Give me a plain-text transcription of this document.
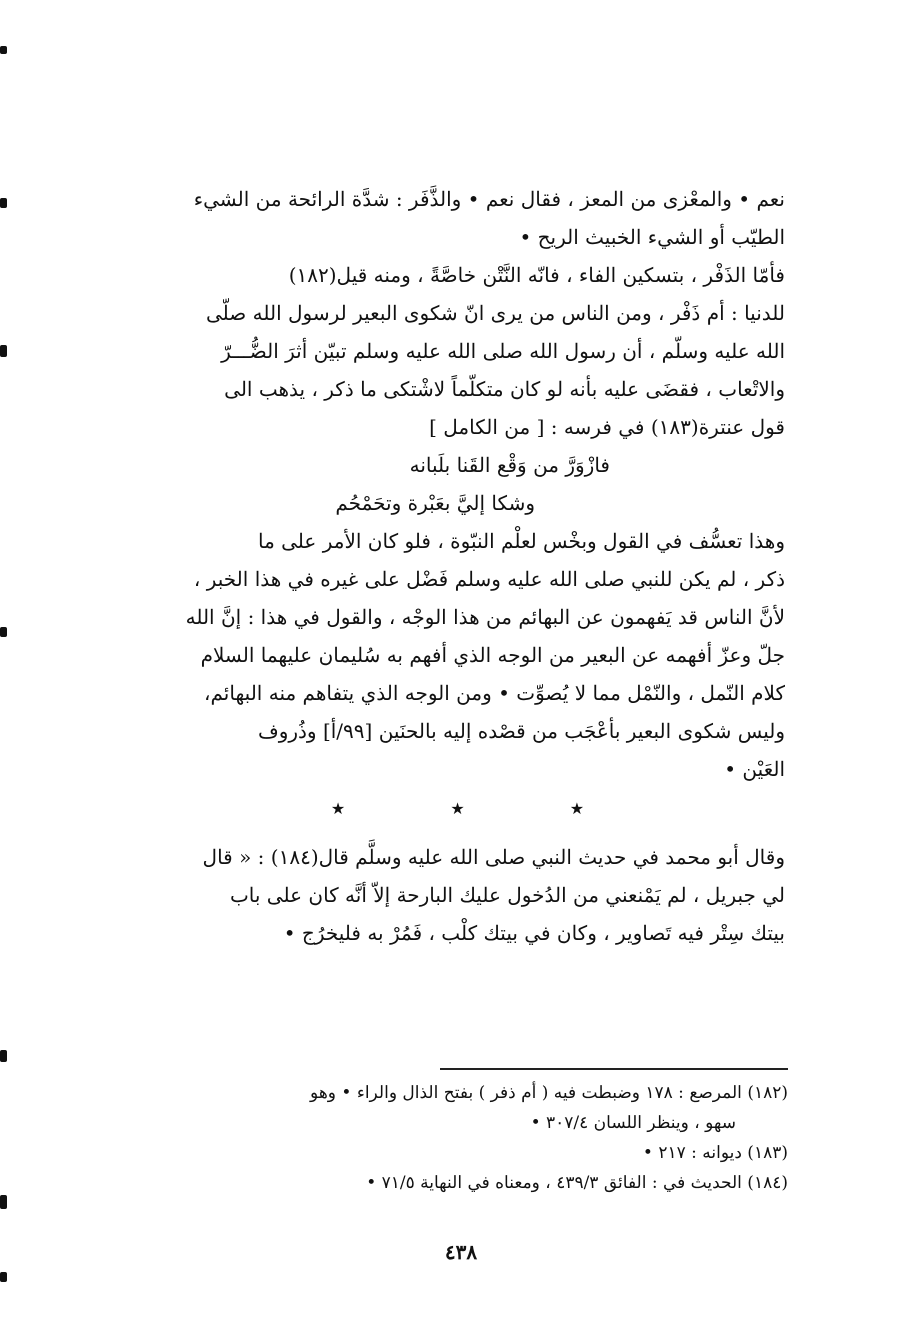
نعم • والمعْزى من المعز ، فقال نعم • والذَّفَر : شدَّة الرائحة من الشيء
الطيّب أو الشيء الخبيث الريح •
فأمّا الذَفْر ، بتسكين الفاء ، فانّه النَّتْن خاصَّةً ، ومنه قيل(١٨٢)
للدنيا : أم ذَفْر ، ومن الناس من يرى انّ شكوى البعير لرسول الله صلّى
الله عليه وسلّم ، أن رسول الله صلى الله عليه وسلم تبيّن أثرَ الضُّـــرّ
والاتْعاب ، فقضَى عليه بأنه لو كان متكلّماً لاشْتكى ما ذكر ، يذهب الى
قول عنترة(١٨٣) في فرسه : [ من الكامل ]

فازْوَرَّ من وَقْع القَنا بلَبانه
وشكا إليَّ بعَبْرة وتحَمْحُم

وهذا تعسُّف في القول وبخْس لعلْم النبّوة ، فلو كان الأمر على ما
ذكر ، لم يكن للنبي صلى الله عليه وسلم فَضْل على غيره في هذا الخبر ،
لأنَّ الناس قد يَفهمون عن البهائم من هذا الوجْه ، والقول في هذا : إنَّ الله
جلّ وعزّ أفهمه عن البعير من الوجه الذي أفهم به سُليمان عليهما السلام
كلام النّمل ، والنّمْل مما لا يُصوِّت • ومن الوجه الذي يتفاهم منه البهائم،
وليس شكوى البعير بأعْجَب من قصْده إليه بالحنَين [٩٩/أ] وذُروف
العَيْن •

★ ★ ★

وقال أبو محمد في حديث النبي صلى الله عليه وسلَّم قال(١٨٤) : « قال
لي جبريل ، لم يَمْنعني من الدُخول عليك البارحة إلاّ أنَّه كان على باب
بيتك سِتْر فيه تَصاوير ، وكان في بيتك كلْب ، فَمُرْ به فليخرُج •

(١٨٢) المرصع : ١٧٨ وضبطت فيه ( أم ذفر ) بفتح الذال والراء • وهو
سهو ، وينظر اللسان ٣٠٧/٤ •
(١٨٣) ديوانه : ٢١٧ •
(١٨٤) الحديث في : الفائق ٤٣٩/٣ ، ومعناه في النهاية ٧١/٥ •
٤٣٨
